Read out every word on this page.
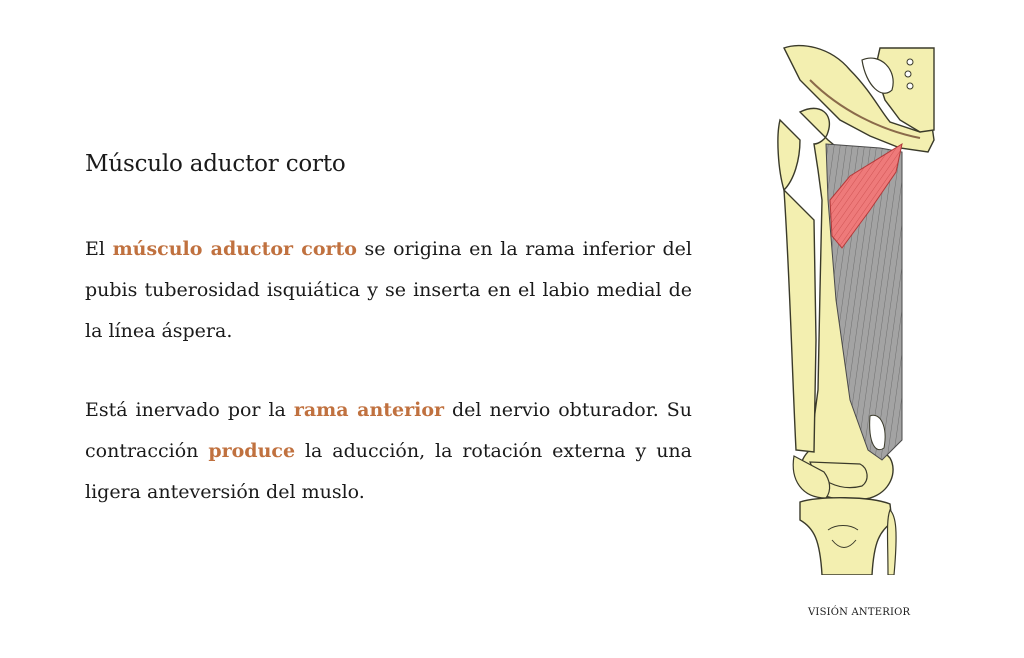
Músculo aductor corto

El músculo aductor corto se origina en la rama inferior del pubis tuberosidad isquiática y se inserta en el labio medial de la línea áspera.

Está inervado por la rama anterior del nervio obturador. Su contracción produce la aducción, la rotación externa y una ligera anteversión del muslo.

VISIÓN ANTERIOR
